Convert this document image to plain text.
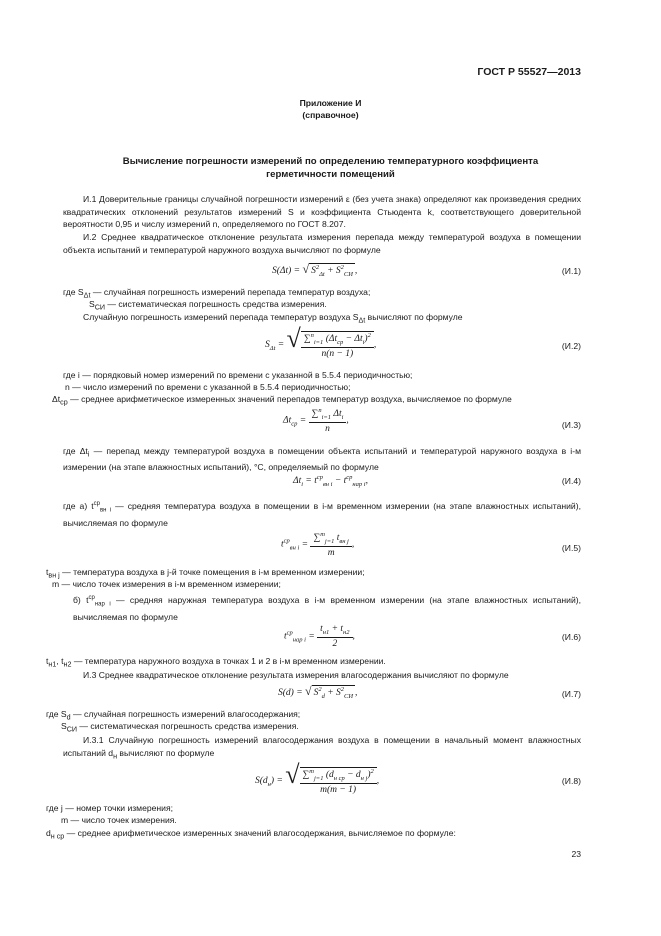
ГОСТ Р 55527—2013
Приложение И
(справочное)
Вычисление погрешности измерений по определению температурного коэффициента
герметичности помещений
И.1 Доверительные границы случайной погрешности измерений ε (без учета знака) определяют как произведения средних квадратических отклонений результатов измерений S и коэффициента Стьюдента k, соответствующего доверительной вероятности 0,95 и числу измерений n, определяемого по ГОСТ 8.207.
И.2 Среднее квадратическое отклонение результата измерения перепада между температурой воздуха в помещении объекта испытаний и температурой наружного воздуха вычисляют по формуле
S(Δt) = √ $S^2_{\Delta t} + S^2_{СИ}$ ,	(И.1)
где $S_{\Delta t}$ — случайная погрешность измерений перепада температур воздуха;
$S_{СИ}$ — систематическая погрешность средства измерения.
Случайную погрешность измерений перепада температур воздуха $S_{\Delta t}$ вычисляют по формуле
$S_{\Delta t}$ = √ $\frac{\sum^n_{i=1} (\Delta t_{ср} - \Delta t_i)^2}{n(n - 1)}$ ,	(И.2)
где i — порядковый номер измерений по времени с указанной в 5.5.4 периодичностью;
n — число измерений по времени с указанной в 5.5.4 периодичностью;
$\Delta t_{ср}$ — среднее арифметическое измеренных значений перепадов температур воздуха, вычисляемое по формуле
$\Delta t_{ср} = \frac{\sum^n_{i=1} \Delta t_i}{n}$ ,	(И.3)
где $\Delta t_i$ — перепад между температурой воздуха в помещении объекта испытаний и температурой наружного воздуха в i-м измерении (на этапе влажностных испытаний), °С, определяемый по формуле
$\Delta t_i = t^{ср}_{вн i} - t^{ср}_{нар i}$,	(И.4)
где а) $t^{ср}_{вн i}$ — средняя температура воздуха в помещении в i-м временном измерении (на этапе влажностных испытаний), вычисляемая по формуле
$t^{ср}_{вн i} = \frac{\sum^m_{j=1} t_{вн j}}{m}$ ,	(И.5)
$t_{вн j}$ — температура воздуха в j-й точке помещения в i-м временном измерении;
m — число точек измерения в i-м временном измерении;
б) $t^{ср}_{нар i}$ — средняя наружная температура воздуха в i-м временном измерении (на этапе влажностных испытаний), вычисляемая по формуле
$t^{ср}_{нар i} = \frac{t_{н1} + t_{н2}}{2}$ ,	(И.6)
$t_{н1}$, $t_{н2}$ — температура наружного воздуха в точках 1 и 2 в i-м временном измерении.
И.3 Среднее квадратическое отклонение результата измерения влагосодержания вычисляют по формуле
S(d) = √ $S^2_d + S^2_{СИ}$ ,	(И.7)
где $S_d$ — случайная погрешность измерений влагосодержания;
$S_{СИ}$ — систематическая погрешность средства измерения.
И.3.1 Случайную погрешность измерений влагосодержания воздуха в помещении в начальный момент влажностных испытаний $d_н$ вычисляют по формуле
$S(d_н)$ = √ $\frac{\sum^m_{j=1} (d_{н ср} - d_{н j})^2}{m(m - 1)}$ ,	(И.8)
где j — номер точки измерения;
m — число точек измерения.
$d_{н ср}$ — среднее арифметическое измеренных значений влагосодержания, вычисляемое по формуле:
23
